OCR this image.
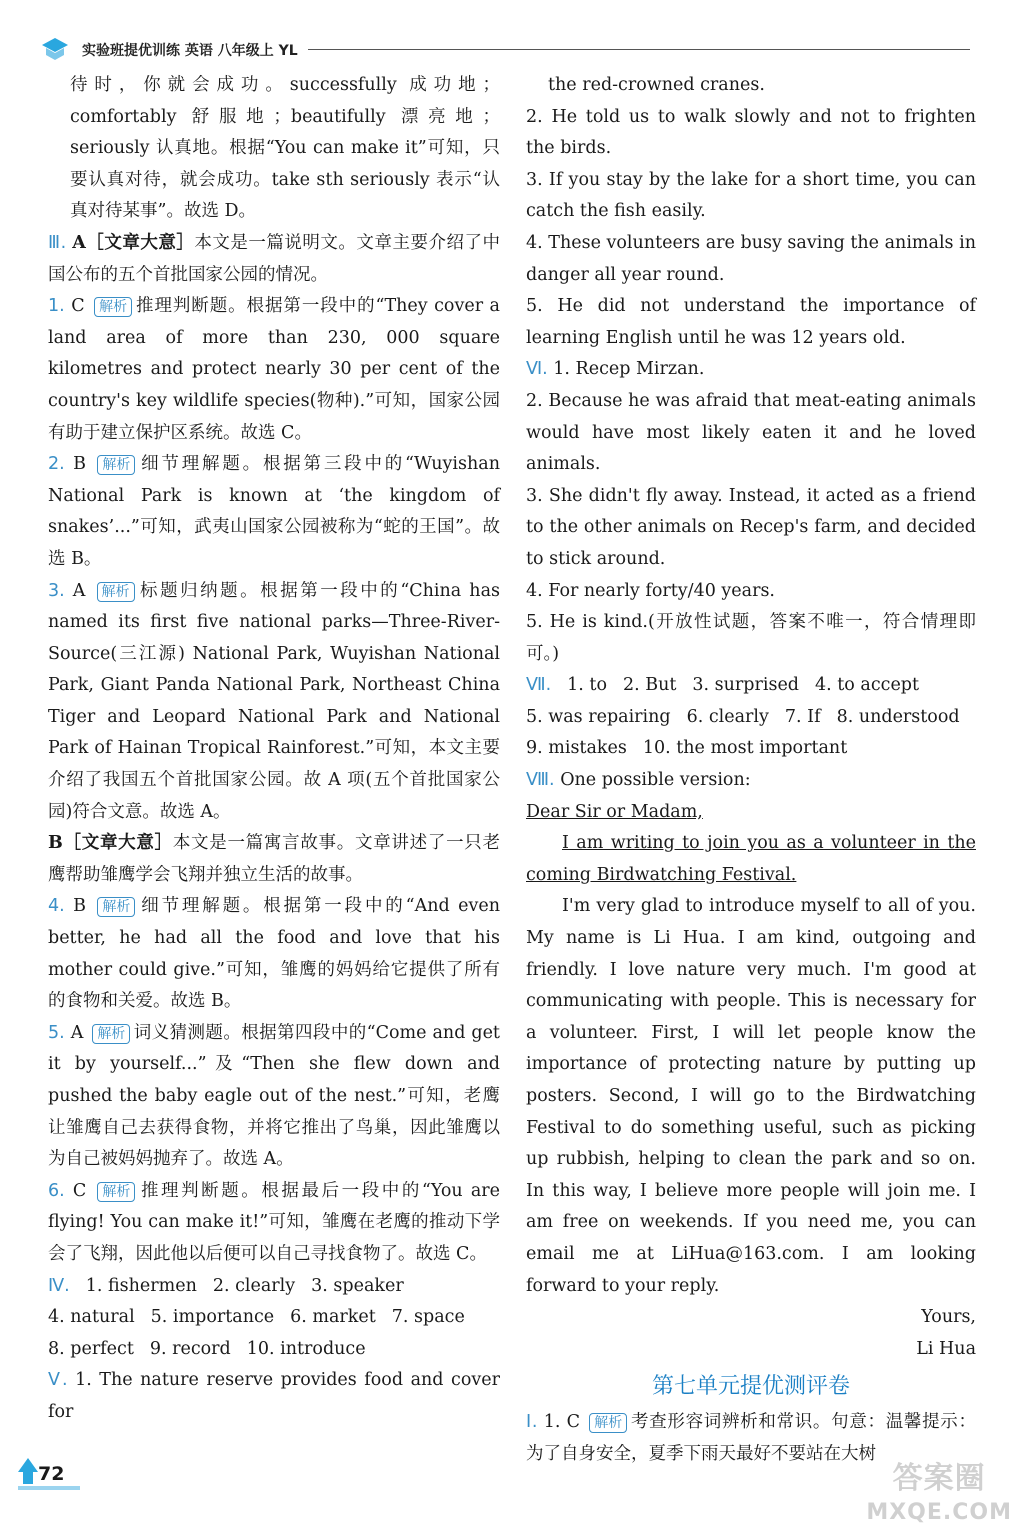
实验班提优训练 英语 八年级上 YL

待时，你就会成功。successfully 成功地；comfortably 舒服地；beautifully 漂亮地；seriously 认真地。根据“You can make it”可知，只要认真对待，就会成功。take sth seriously 表示“认真对待某事”。故选 D。

Ⅲ. A［文章大意］本文是一篇说明文。文章主要介绍了中国公布的五个首批国家公园的情况。

1. C 解析 推理判断题。根据第一段中的“They cover a land area of more than 230, 000 square kilometres and protect nearly 30 per cent of the country's key wildlife species(物种).”可知，国家公园有助于建立保护区系统。故选 C。

2. B 解析 细节理解题。根据第三段中的“Wuyishan National Park is known at ‘the kingdom of snakes’...”可知，武夷山国家公园被称为“蛇的王国”。故选 B。

3. A 解析 标题归纳题。根据第一段中的“China has named its first five national parks—Three-River-Source(三江源) National Park, Wuyishan National Park, Giant Panda National Park, Northeast China Tiger and Leopard National Park and National Park of Hainan Tropical Rainforest.”可知，本文主要介绍了我国五个首批国家公园。故 A 项(五个首批国家公园)符合文意。故选 A。

B［文章大意］本文是一篇寓言故事。文章讲述了一只老鹰帮助雏鹰学会飞翔并独立生活的故事。

4. B 解析 细节理解题。根据第一段中的“And even better, he had all the food and love that his mother could give.”可知，雏鹰的妈妈给它提供了所有的食物和关爱。故选 B。

5. A 解析 词义猜测题。根据第四段中的“Come and get it by yourself...”及“Then she flew down and pushed the baby eagle out of the nest.”可知，老鹰让雏鹰自己去获得食物，并将它推出了鸟巢，因此雏鹰以为自己被妈妈抛弃了。故选 A。

6. C 解析 推理判断题。根据最后一段中的“You are flying! You can make it!”可知，雏鹰在老鹰的推动下学会了飞翔，因此他以后便可以自己寻找食物了。故选 C。

Ⅳ. 1. fishermen 2. clearly 3. speaker
4. natural 5. importance 6. market 7. space
8. perfect 9. record 10. introduce

Ⅴ. 1. The nature reserve provides food and cover for

the red-crowned cranes.

2. He told us to walk slowly and not to frighten the birds.

3. If you stay by the lake for a short time, you can catch the fish easily.

4. These volunteers are busy saving the animals in danger all year round.

5. He did not understand the importance of learning English until he was 12 years old.

Ⅵ. 1. Recep Mirzan.

2. Because he was afraid that meat-eating animals would have most likely eaten it and he loved animals.

3. She didn't fly away. Instead, it acted as a friend to the other animals on Recep's farm, and decided to stick around.

4. For nearly forty/40 years.

5. He is kind.(开放性试题，答案不唯一，符合情理即可。)

Ⅶ. 1. to 2. But 3. surprised 4. to accept
5. was repairing 6. clearly 7. If 8. understood
9. mistakes 10. the most important

Ⅷ. One possible version:

Dear Sir or Madam,

I am writing to join you as a volunteer in the coming Birdwatching Festival.

I'm very glad to introduce myself to all of you. My name is Li Hua. I am kind, outgoing and friendly. I love nature very much. I'm good at communicating with people. This is necessary for a volunteer. First, I will let people know the importance of protecting nature by putting up posters. Second, I will go to the Birdwatching Festival to do something useful, such as picking up rubbish, helping to clean the park and so on. In this way, I believe more people will join me. I am free on weekends. If you need me, you can email me at LiHua@163.com. I am looking forward to your reply.

Yours,

Li Hua

第七单元提优测评卷

Ⅰ. 1. C 解析 考查形容词辨析和常识。句意：温馨提示：为了自身安全，夏季下雨天最好不要站在大树

72	答案圈
MXQE.COM
